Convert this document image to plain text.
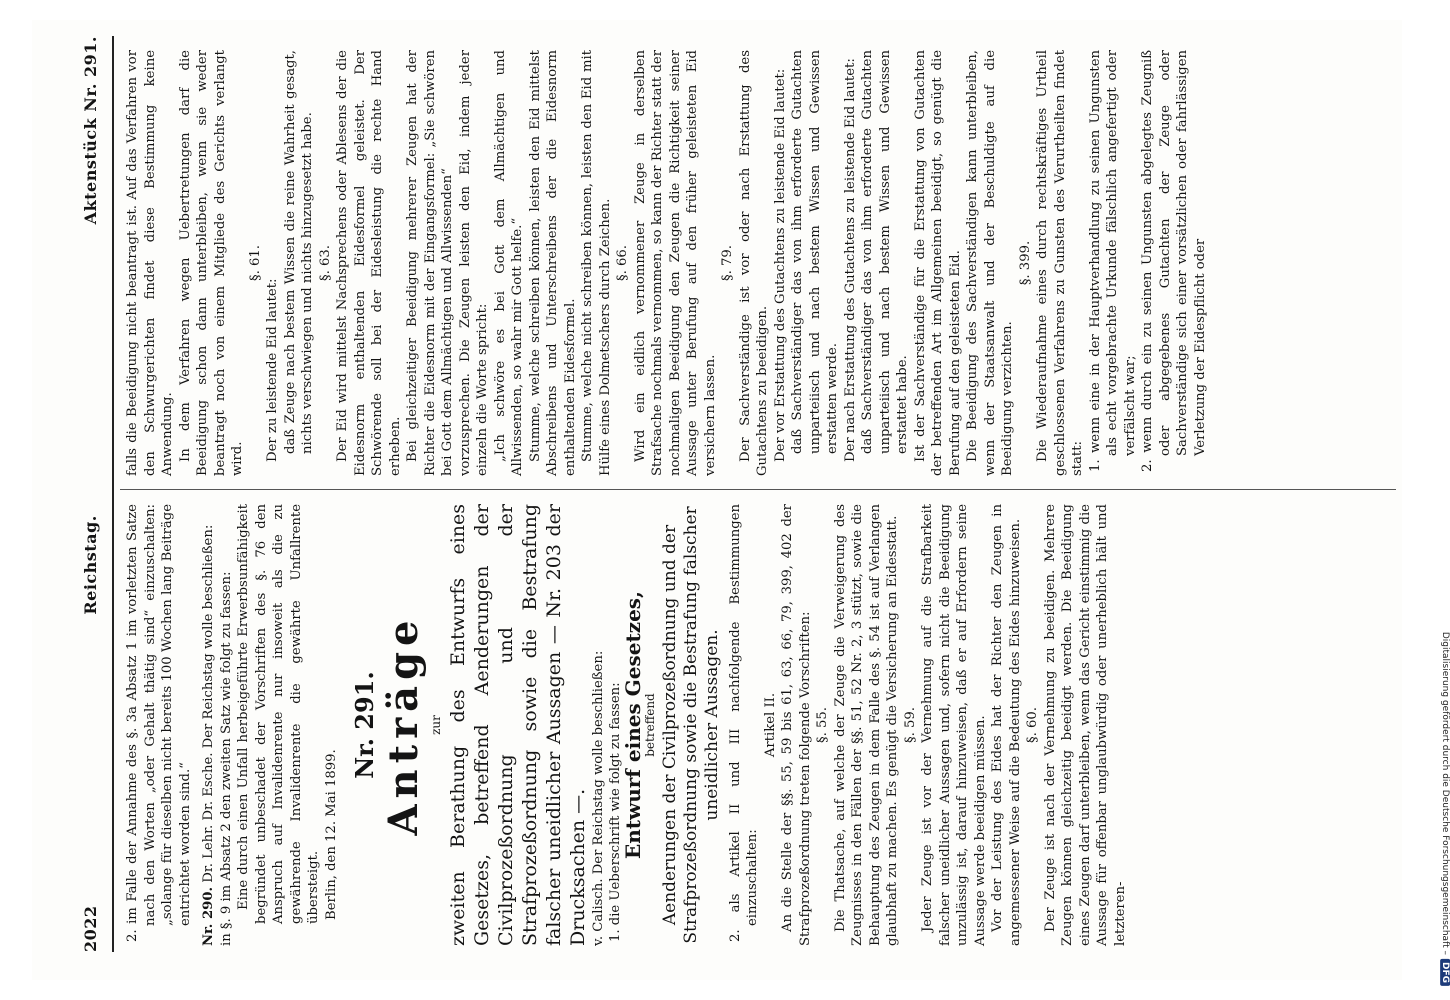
2022
Reichstag.
Aktenstück Nr. 291.

2. im Falle der Annahme des §. 3a Absatz 1 im vorletzten Satze nach den Worten „oder Gehalt thätig sind“ einzuschalten: „solange für dieselben nicht bereits 100 Wochen lang Beiträge entrichtet worden sind.“ Nr. 290. Dr. Lehr. Dr. Esche. Der Reichstag wolle beschließen: in §. 9 im Absatz 2 den zweiten Satz wie folgt zu fassen: Eine durch einen Unfall herbeigeführte Erwerbsunfähigkeit begründet unbeschadet der Vorschriften des §. 76 den Anspruch auf Invalidenrente nur insoweit als die zu gewährende Invalidenrente die gewährte Unfallrente übersteigt. Berlin, den 12. Mai 1899.

Nr. 291. Anträge zur zweiten Berathung des Entwurfs eines Gesetzes, betreffend Aenderungen der Civilprozeßordnung und der Strafprozeßordnung sowie die Bestrafung falscher uneidlicher Aussagen — Nr. 203 der Drucksachen —. v. Calisch. Der Reichstag wolle beschließen: 1. die Ueberschrift wie folgt zu fassen:

Entwurf eines Gesetzes,

betreffend Aenderungen der Civilprozeßordnung und der Strafprozeßordnung sowie die Bestrafung falscher uneidlicher Aussagen. 2. als Artikel II und III nachfolgende Bestimmungen einzuschalten:

Artikel II. An die Stelle der §§. 55, 59 bis 61, 63, 66, 79, 399, 402 der Strafprozeßordnung treten folgende Vorschriften: §. 55. Die Thatsache, auf welche der Zeuge die Verweigerung des Zeugnisses in den Fällen der §§. 51, 52 Nr. 2, 3 stützt, sowie die Behauptung des Zeugen in dem Falle des §. 54 ist auf Verlangen glaubhaft zu machen. Es genügt die Versicherung an Eidesstatt. §. 59. Jeder Zeuge ist vor der Vernehmung auf die Strafbarkeit falscher uneidlicher Aussagen und, sofern nicht die Beeidigung unzulässig ist, darauf hinzuweisen, daß er auf Erfordern seine Aussage werde beeidigen müssen. Vor der Leistung des Eides hat der Richter den Zeugen in angemessener Weise auf die Bedeutung des Eides hinzuweisen. §. 60. Der Zeuge ist nach der Vernehmung zu beeidigen. Mehrere Zeugen können gleichzeitig beeidigt werden. Die Beeidigung eines Zeugen darf unterbleiben, wenn das Gericht einstimmig die Aussage für offenbar unglaubwürdig oder unerheblich hält und letzteren-

falls die Beeidigung nicht beantragt ist. Auf das Verfahren vor den Schwurgerichten findet diese Bestimmung keine Anwendung. In dem Verfahren wegen Uebertretungen darf die Beeidigung schon dann unterbleiben, wenn sie weder beantragt noch von einem Mitgliede des Gerichts verlangt wird.

§. 61.

Der zu leistende Eid lautet: daß Zeuge nach bestem Wissen die reine Wahrheit gesagt, nichts verschwiegen und nichts hinzugesetzt habe. §. 63. Der Eid wird mittelst Nachsprechens oder Ablesens der die Eidesnorm enthaltenden Eidesformel geleistet. Der Schwörende soll bei der Eidesleistung die rechte Hand erheben. Bei gleichzeitiger Beeidigung mehrerer Zeugen hat der Richter die Eidesnorm mit der Eingangsformel: „Sie schwören bei Gott dem Allmächtigen und Allwissenden“ vorzusprechen. Die Zeugen leisten den Eid, indem jeder einzeln die Worte spricht: „Ich schwöre es bei Gott dem Allmächtigen und Allwissenden, so wahr mir Gott helfe.“ Stumme, welche schreiben können, leisten den Eid mittelst Abschreibens und Unterschreibens der die Eidesnorm enthaltenden Eidesformel. Stumme, welche nicht schreiben können, leisten den Eid mit Hülfe eines Dolmetschers durch Zeichen. §. 66. Wird ein eidlich vernommener Zeuge in derselben Strafsache nochmals vernommen, so kann der Richter statt der nochmaligen Beeidigung den Zeugen die Richtigkeit seiner Aussage unter Berufung auf den früher geleisteten Eid versichern lassen.

§. 79. Der Sachverständige ist vor oder nach Erstattung des Gutachtens zu beeidigen. Der vor Erstattung des Gutachtens zu leistende Eid lautet: daß Sachverständiger das von ihm erforderte Gutachten unparteiisch und nach bestem Wissen und Gewissen erstatten werde. Der nach Erstattung des Gutachtens zu leistende Eid lautet: daß Sachverständiger das von ihm erforderte Gutachten unparteiisch und nach bestem Wissen und Gewissen erstattet habe. Ist der Sachverständige für die Erstattung von Gutachten der betreffenden Art im Allgemeinen beeidigt, so genügt die Berufung auf den geleisteten Eid. Die Beeidigung des Sachverständigen kann unterbleiben, wenn der Staatsanwalt und der Beschuldigte auf die Beeidigung verzichten.

§. 399. Die Wiederaufnahme eines durch rechtskräftiges Urtheil geschlossenen Verfahrens zu Gunsten des Verurtheilten findet statt: 1. wenn eine in der Hauptverhandlung zu seinen Ungunsten als echt vorgebrachte Urkunde fälschlich angefertigt oder verfälscht war; 2. wenn durch ein zu seinen Ungunsten abgelegtes Zeugniß oder abgegebenes Gutachten der Zeuge oder Sachverständige sich einer vorsätzlichen oder fahrlässigen Verletzung der Eidespflicht oder

Digitalisierung gefördert durch die Deutsche Forschungsgemeinschaft –
DFG
